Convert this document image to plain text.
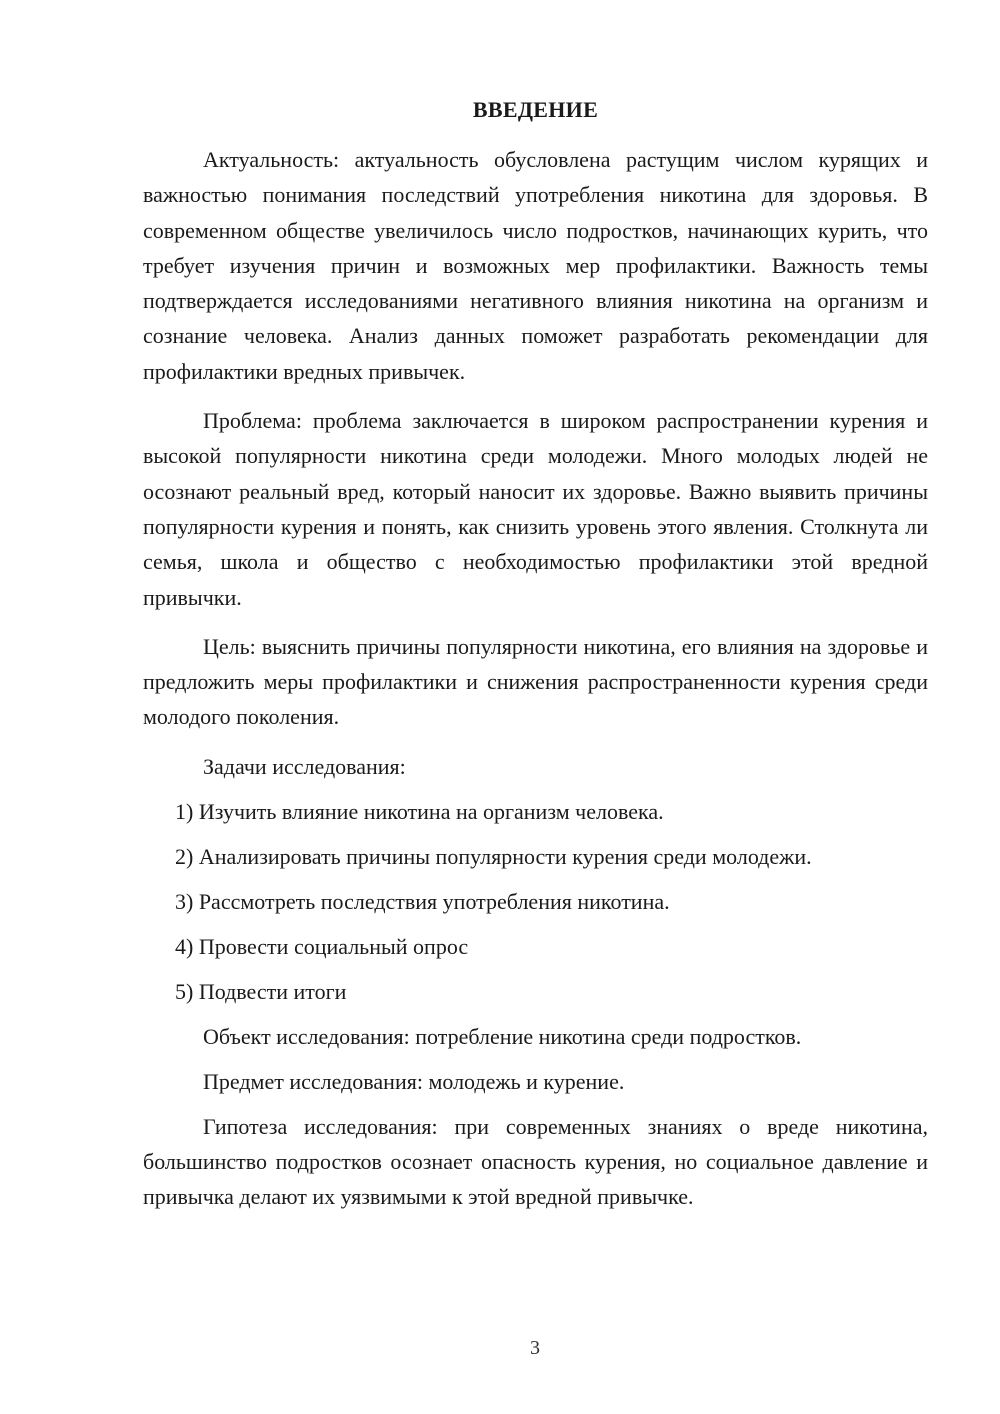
ВВЕДЕНИЕ

Актуальность: актуальность обусловлена растущим числом курящих и важностью понимания последствий употребления никотина для здоровья. В современном обществе увеличилось число подростков, начинающих курить, что требует изучения причин и возможных мер профилактики. Важность темы подтверждается исследованиями негативного влияния никотина на организм и сознание человека. Анализ данных поможет разработать рекомендации для профилактики вредных привычек.

Проблема: проблема заключается в широком распространении курения и высокой популярности никотина среди молодежи. Много молодых людей не осознают реальный вред, который наносит их здоровье. Важно выявить причины популярности курения и понять, как снизить уровень этого явления. Столкнута ли семья, школа и общество с необходимостью профилактики этой вредной привычки.

Цель: выяснить причины популярности никотина, его влияния на здоровье и предложить меры профилактики и снижения распространенности курения среди молодого поколения.

Задачи исследования:
1) Изучить влияние никотина на организм человека.
2) Анализировать причины популярности курения среди молодежи.
3) Рассмотреть последствия употребления никотина.
4) Провести социальный опрос
5) Подвести итоги
Объект исследования: потребление никотина среди подростков.
Предмет исследования: молодежь и курение.

Гипотеза исследования: при современных знаниях о вреде никотина, большинство подростков осознает опасность курения, но социальное давление и привычка делают их уязвимыми к этой вредной привычке.

3
